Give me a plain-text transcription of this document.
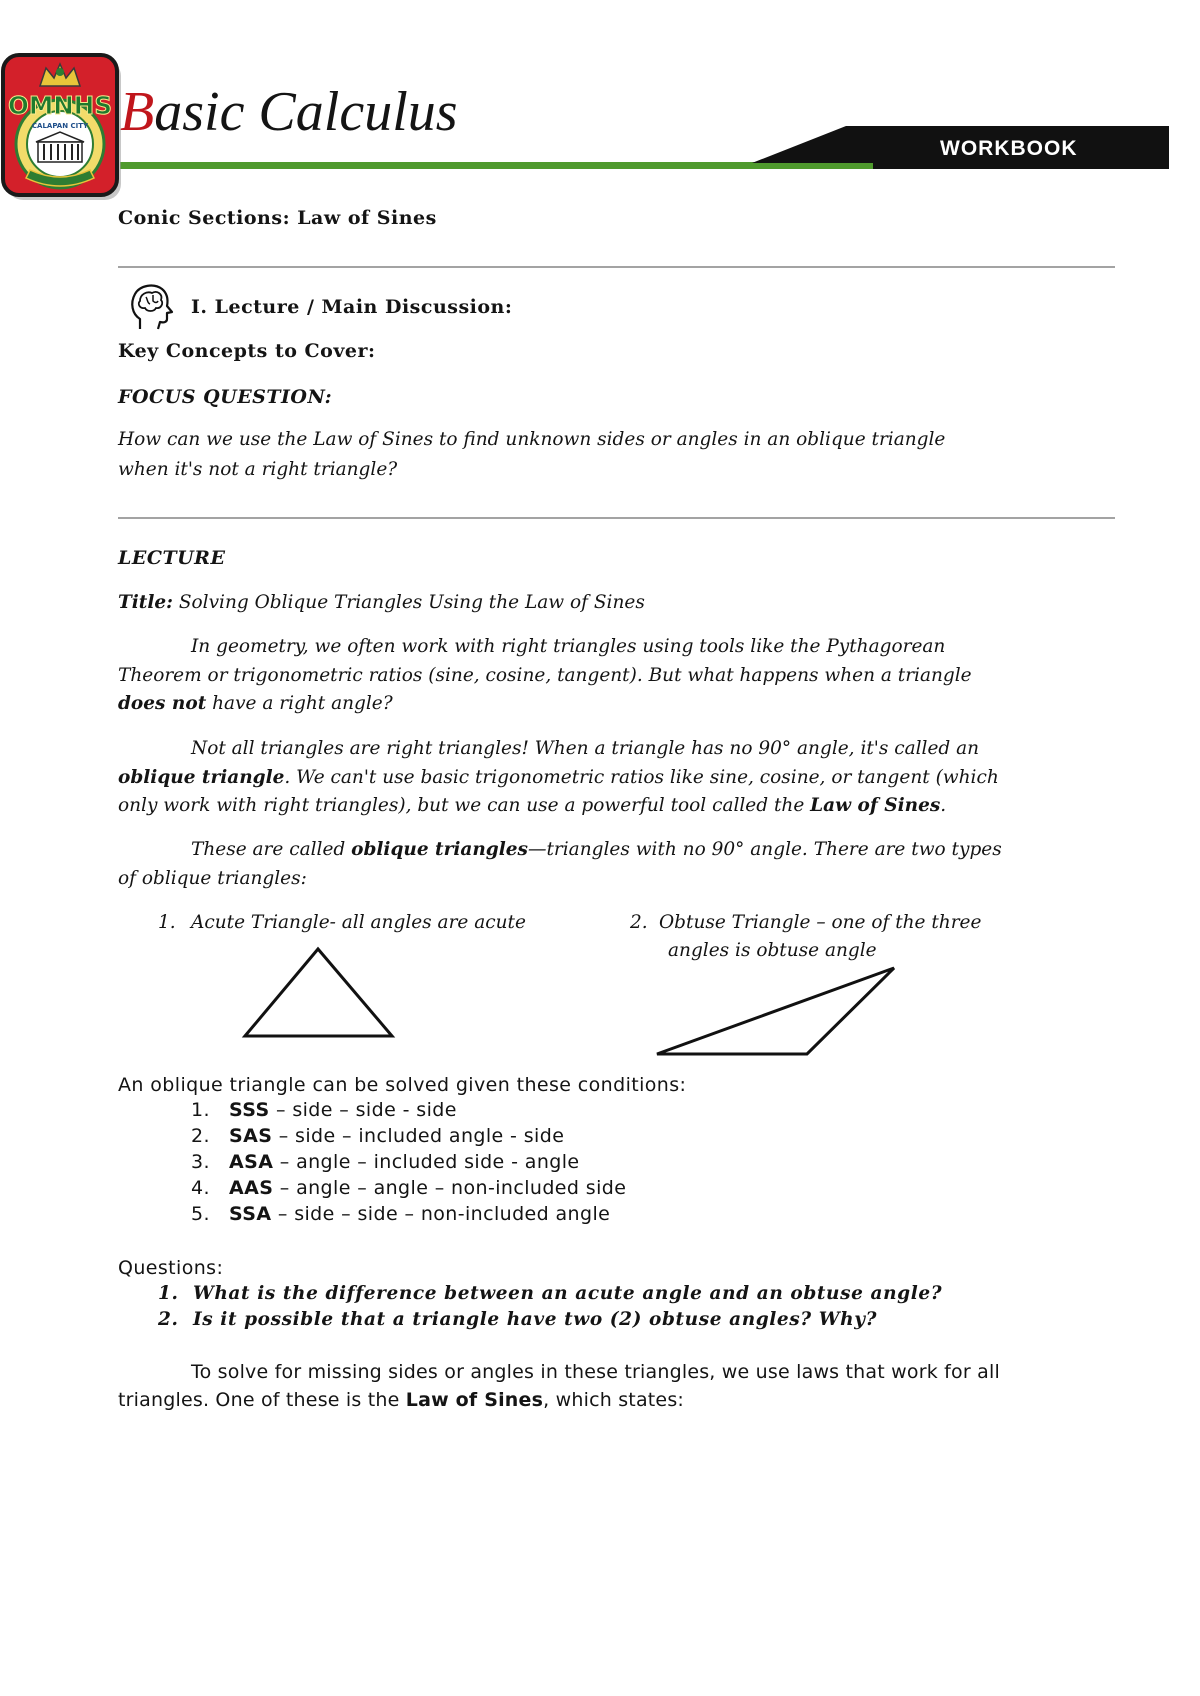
OMNHS
CALAPAN CITY Basic Calculus
WORKBOOK
Conic Sections: Law of Sines
I. Lecture / Main Discussion:
Key Concepts to Cover:
FOCUS QUESTION:
How can we use the Law of Sines to find unknown sides or angles in an oblique triangle
when it's not a right triangle?
LECTURE
Title: Solving Oblique Triangles Using the Law of Sines
In geometry, we often work with right triangles using tools like the Pythagorean
Theorem or trigonometric ratios (sine, cosine, tangent). But what happens when a triangle
does not have a right angle?
Not all triangles are right triangles! When a triangle has no 90° angle, it's called an
oblique triangle. We can't use basic trigonometric ratios like sine, cosine, or tangent (which
only work with right triangles), but we can use a powerful tool called the Law of Sines.
These are called oblique triangles—triangles with no 90° angle. There are two types
of oblique triangles:
1. Acute Triangle- all angles are acute	2. Obtuse Triangle – one of the three
angles is obtuse angle
An oblique triangle can be solved given these conditions:
1.	SSS – side – side - side
2.	SAS – side – included angle - side
3.	ASA – angle – included side - angle
4.	AAS – angle – angle – non-included side
5.	SSA – side – side – non-included angle
Questions:
1. What is the difference between an acute angle and an obtuse angle?
2. Is it possible that a triangle have two (2) obtuse angles? Why?
To solve for missing sides or angles in these triangles, we use laws that work for all
triangles. One of these is the Law of Sines, which states:
